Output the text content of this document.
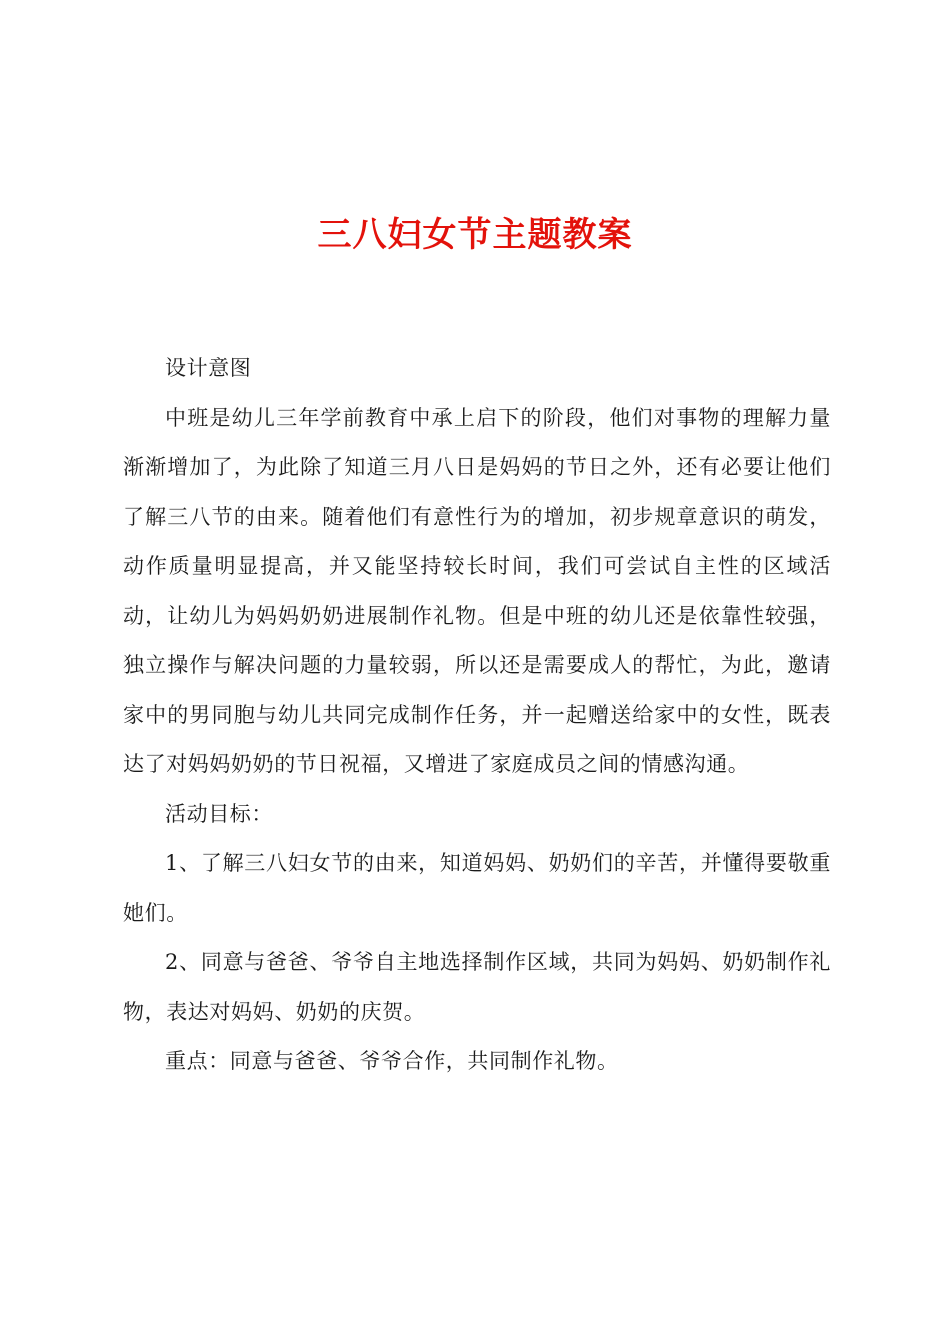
三八妇女节主题教案

设计意图

中班是幼儿三年学前教育中承上启下的阶段，他们对事物的理解力量渐渐增加了，为此除了知道三月八日是妈妈的节日之外，还有必要让他们了解三八节的由来。随着他们有意性行为的增加，初步规章意识的萌发，动作质量明显提高，并又能坚持较长时间，我们可尝试自主性的区域活动，让幼儿为妈妈奶奶进展制作礼物。但是中班的幼儿还是依靠性较强，独立操作与解决问题的力量较弱，所以还是需要成人的帮忙，为此，邀请家中的男同胞与幼儿共同完成制作任务，并一起赠送给家中的女性，既表达了对妈妈奶奶的节日祝福，又增进了家庭成员之间的情感沟通。

活动目标：

1、了解三八妇女节的由来，知道妈妈、奶奶们的辛苦，并懂得要敬重她们。

2、同意与爸爸、爷爷自主地选择制作区域，共同为妈妈、奶奶制作礼物，表达对妈妈、奶奶的庆贺。

重点：同意与爸爸、爷爷合作，共同制作礼物。
